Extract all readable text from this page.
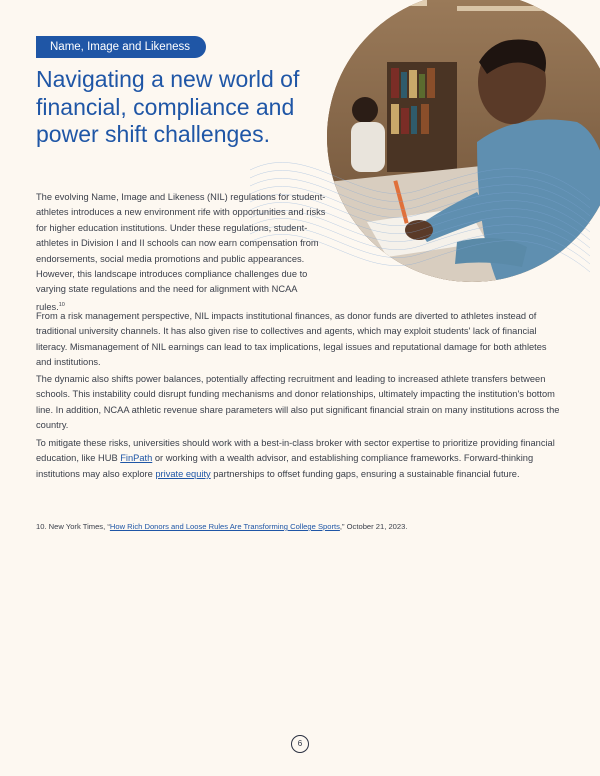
Name, Image and Likeness
Navigating a new world of financial, compliance and power shift challenges.

The evolving Name, Image and Likeness (NIL) regulations for student-athletes introduces a new environment rife with opportunities and risks for higher education institutions. Under these regulations, student-athletes in Division I and II schools can now earn compensation from endorsements, social media promotions and public appearances. However, this landscape introduces compliance challenges due to varying state regulations and the need for alignment with NCAA rules.$^{10}$

From a risk management perspective, NIL impacts institutional finances, as donor funds are diverted to athletes instead of traditional university channels. It has also given rise to collectives and agents, which may exploit students' lack of financial literacy. Mismanagement of NIL earnings can lead to tax implications, legal issues and reputational damage for both athletes and institutions.

The dynamic also shifts power balances, potentially affecting recruitment and leading to increased athlete transfers between schools. This instability could disrupt funding mechanisms and donor relationships, ultimately impacting the institution's bottom line. In addition, NCAA athletic revenue share parameters will also put significant financial strain on many institutions across the country.

To mitigate these risks, universities should work with a best-in-class broker with sector expertise to prioritize providing financial education, like HUB FinPath or working with a wealth advisor, and establishing compliance frameworks. Forward-thinking institutions may also explore private equity partnerships to offset funding gaps, ensuring a sustainable financial future.

10. New York Times, “How Rich Donors and Loose Rules Are Transforming College Sports,” October 21, 2023.

6
